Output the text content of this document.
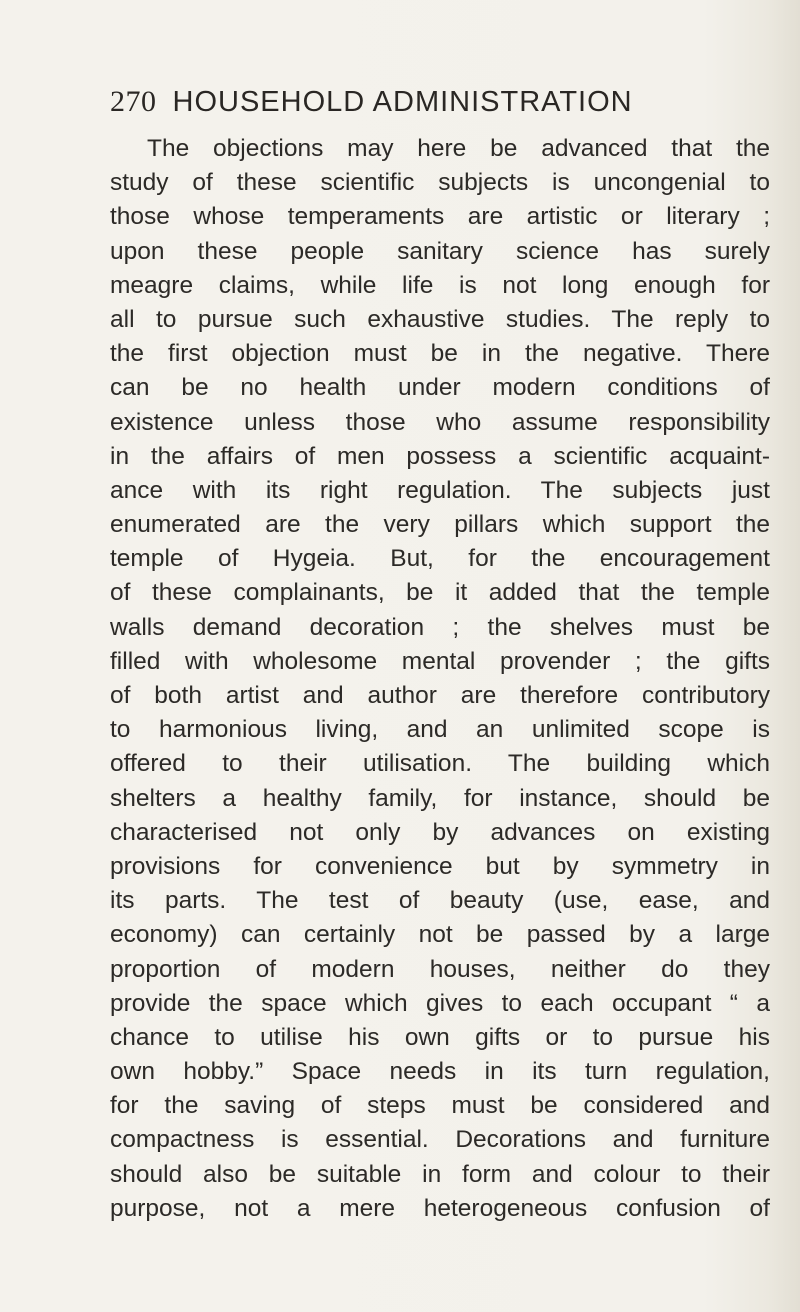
270 HOUSEHOLD ADMINISTRATION
The objections may here be advanced that the
study of these scientific subjects is uncongenial to
those whose temperaments are artistic or literary ;
upon these people sanitary science has surely
meagre claims, while life is not long enough for
all to pursue such exhaustive studies. The reply to
the first objection must be in the negative. There
can be no health under modern conditions of
existence unless those who assume responsibility
in the affairs of men possess a scientific acquaint-
ance with its right regulation. The subjects just
enumerated are the very pillars which support the
temple of Hygeia. But, for the encouragement
of these complainants, be it added that the temple
walls demand decoration ; the shelves must be
filled with wholesome mental provender ; the gifts
of both artist and author are therefore contributory
to harmonious living, and an unlimited scope is
offered to their utilisation. The building which
shelters a healthy family, for instance, should be
characterised not only by advances on existing
provisions for convenience but by symmetry in
its parts. The test of beauty (use, ease, and
economy) can certainly not be passed by a large
proportion of modern houses, neither do they
provide the space which gives to each occupant “ a
chance to utilise his own gifts or to pursue his
own hobby.” Space needs in its turn regulation,
for the saving of steps must be considered and
compactness is essential. Decorations and furniture
should also be suitable in form and colour to their
purpose, not a mere heterogeneous confusion of
